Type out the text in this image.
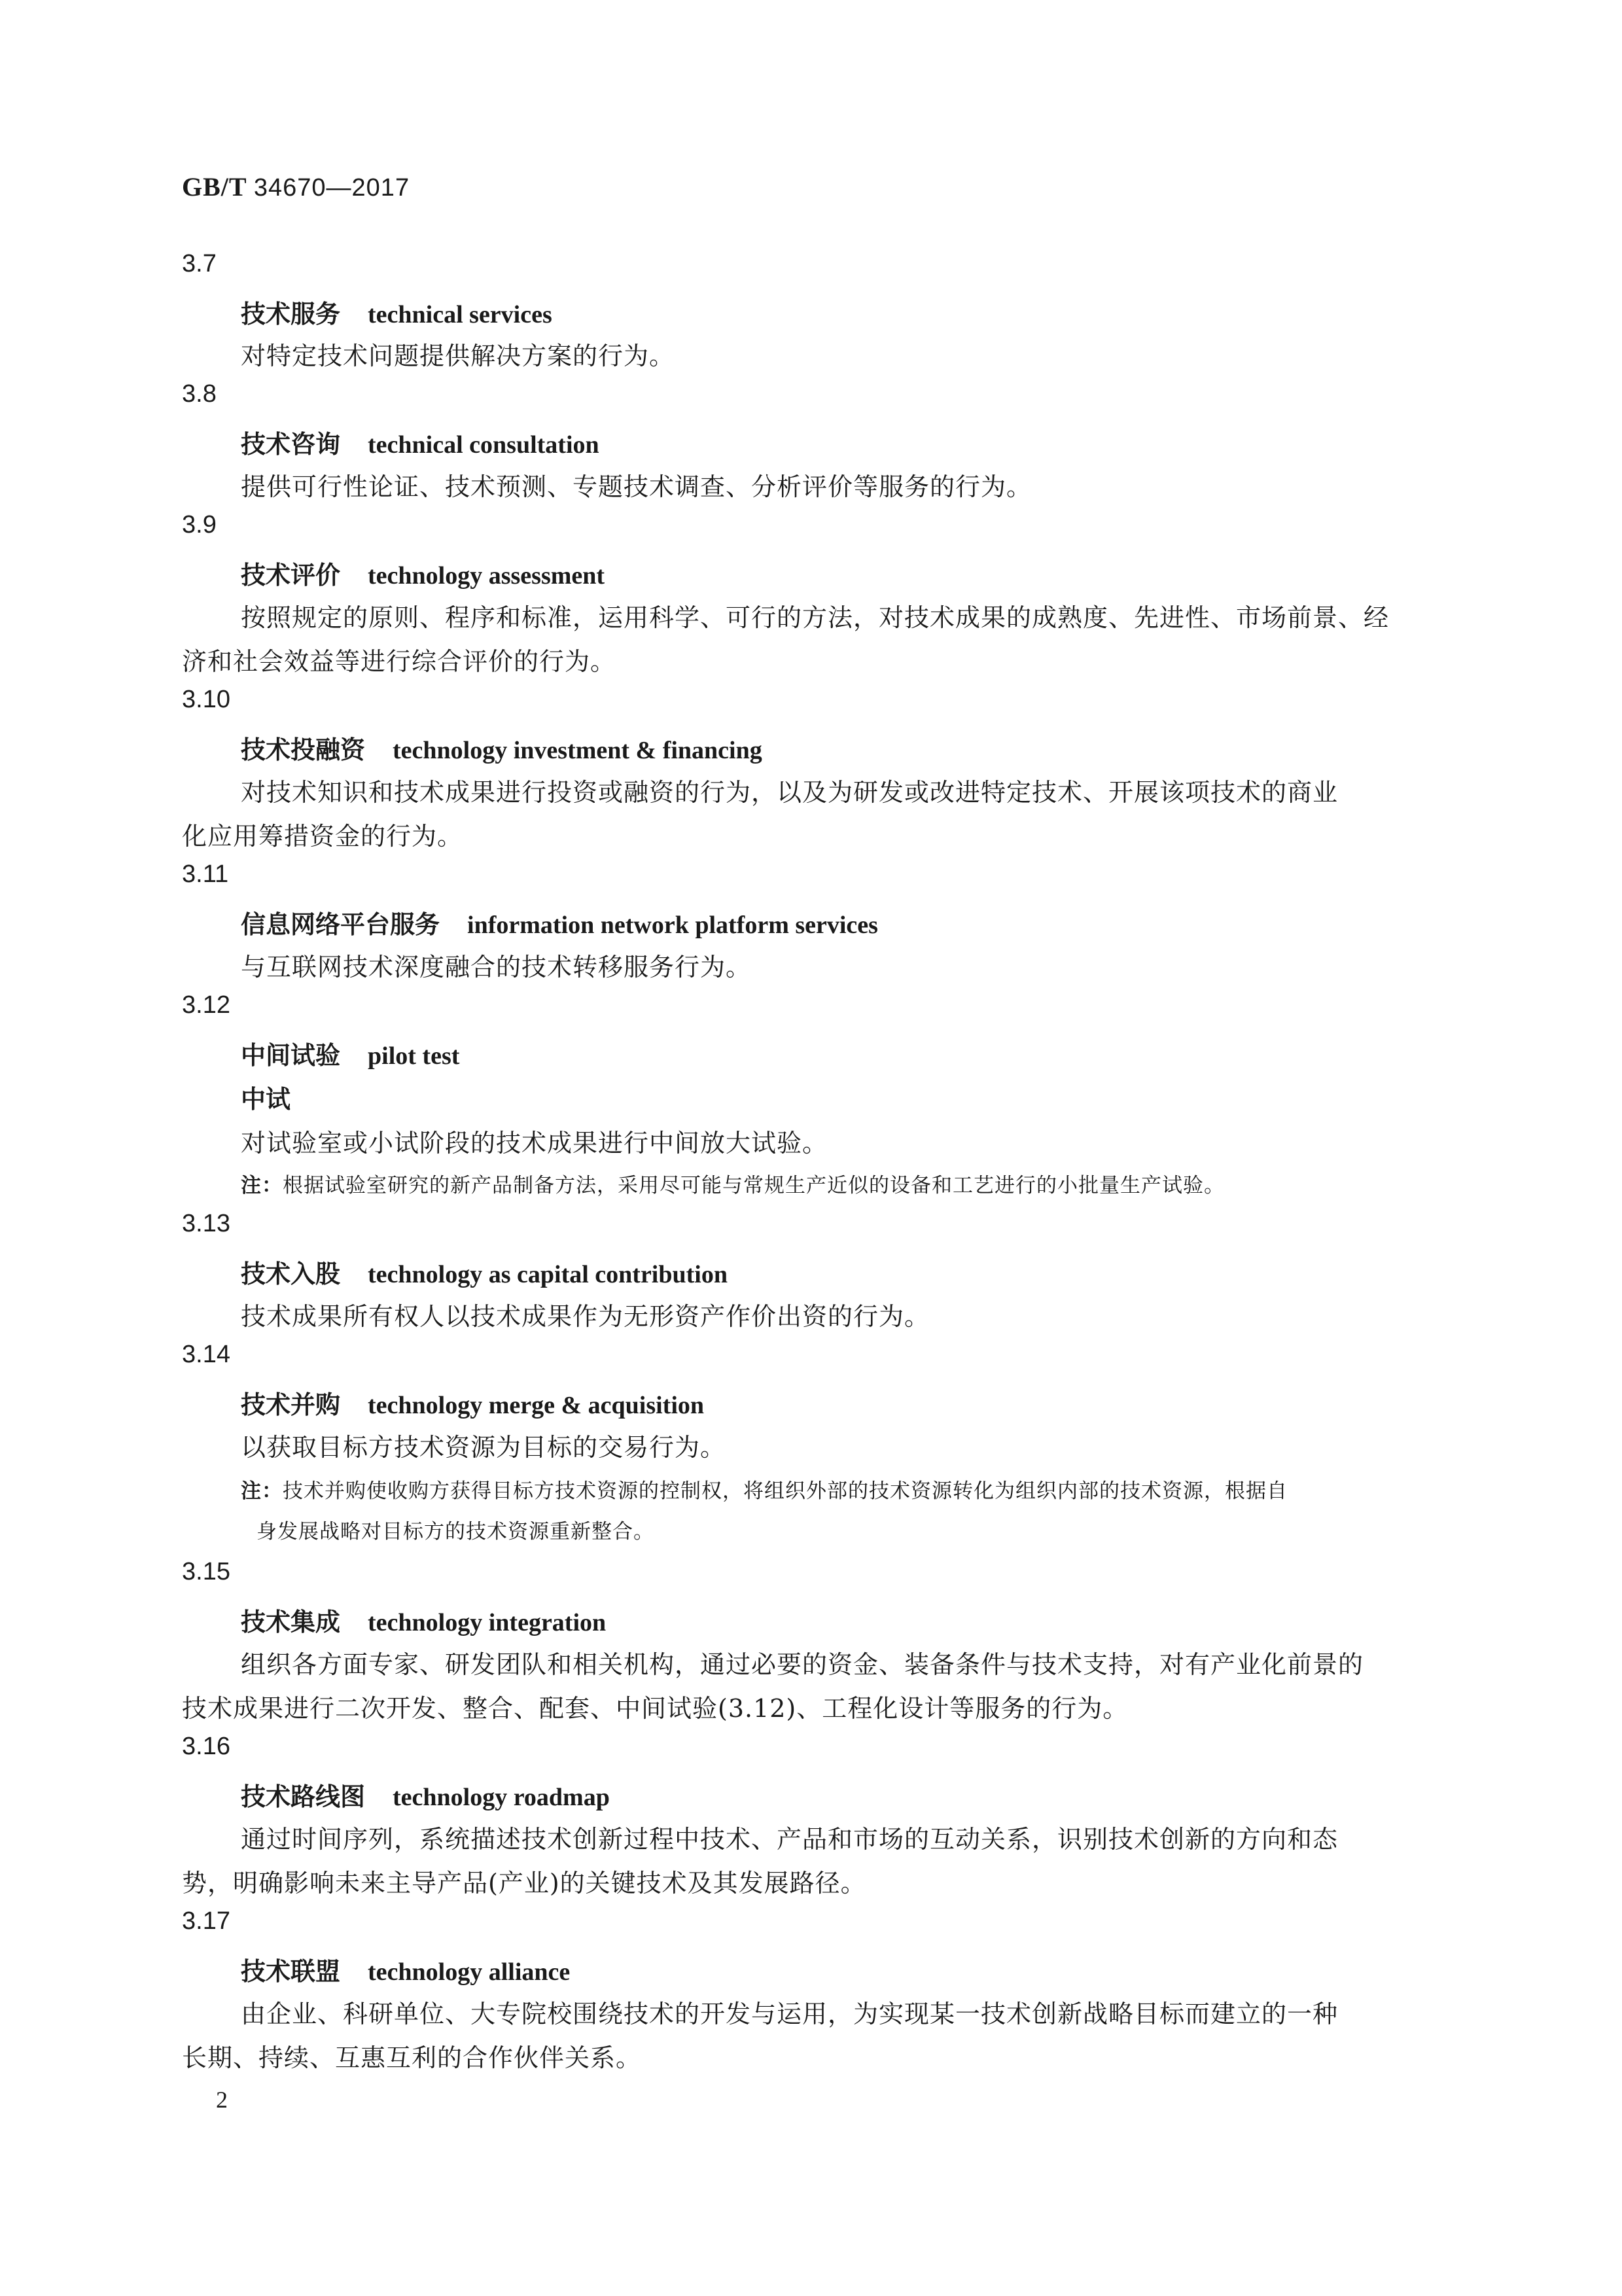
GB/T 34670—2017
3.7
技术服务 technical services
对特定技术问题提供解决方案的行为。
3.8
技术咨询 technical consultation
提供可行性论证、技术预测、专题技术调查、分析评价等服务的行为。
3.9
技术评价 technology assessment
按照规定的原则、程序和标准，运用科学、可行的方法，对技术成果的成熟度、先进性、市场前景、经
济和社会效益等进行综合评价的行为。
3.10
技术投融资 technology investment & financing
对技术知识和技术成果进行投资或融资的行为，以及为研发或改进特定技术、开展该项技术的商业
化应用筹措资金的行为。
3.11
信息网络平台服务 information network platform services
与互联网技术深度融合的技术转移服务行为。
3.12
中间试验 pilot test
中试
对试验室或小试阶段的技术成果进行中间放大试验。
注：根据试验室研究的新产品制备方法，采用尽可能与常规生产近似的设备和工艺进行的小批量生产试验。
3.13
技术入股 technology as capital contribution
技术成果所有权人以技术成果作为无形资产作价出资的行为。
3.14
技术并购 technology merge & acquisition
以获取目标方技术资源为目标的交易行为。
注：技术并购使收购方获得目标方技术资源的控制权，将组织外部的技术资源转化为组织内部的技术资源，根据自
身发展战略对目标方的技术资源重新整合。
3.15
技术集成 technology integration
组织各方面专家、研发团队和相关机构，通过必要的资金、装备条件与技术支持，对有产业化前景的
技术成果进行二次开发、整合、配套、中间试验(3.12)、工程化设计等服务的行为。
3.16
技术路线图 technology roadmap
通过时间序列，系统描述技术创新过程中技术、产品和市场的互动关系，识别技术创新的方向和态
势，明确影响未来主导产品(产业)的关键技术及其发展路径。
3.17
技术联盟 technology alliance
由企业、科研单位、大专院校围绕技术的开发与运用，为实现某一技术创新战略目标而建立的一种
长期、持续、互惠互利的合作伙伴关系。
2
